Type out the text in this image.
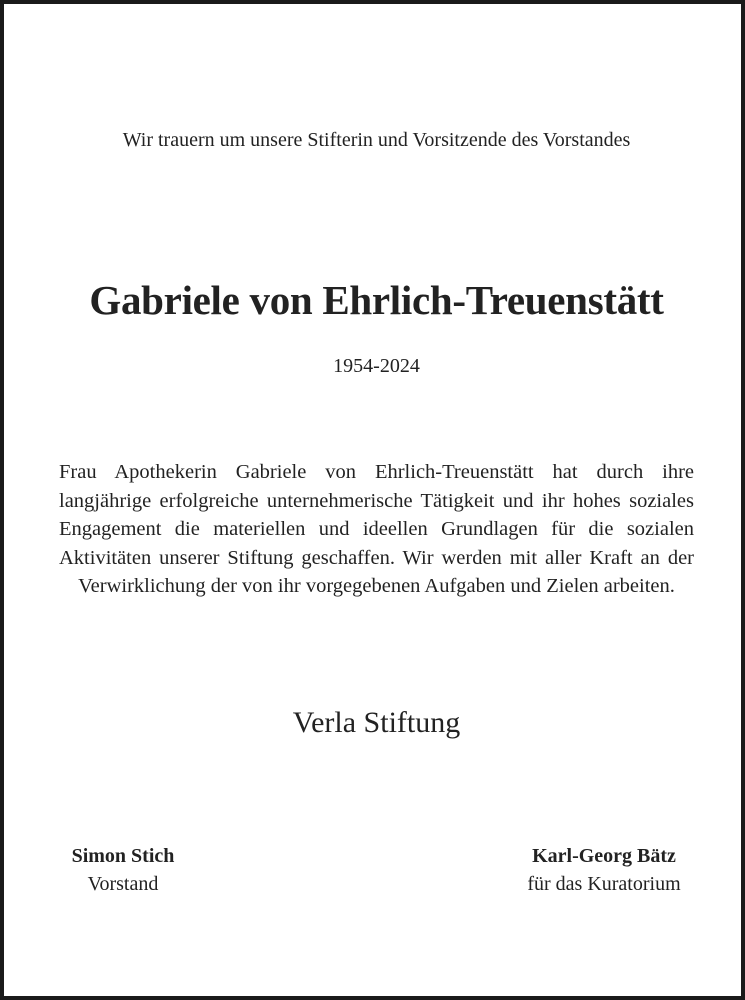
Wir trauern um unsere Stifterin und Vorsitzende des Vorstandes
Gabriele von Ehrlich-Treuenstätt
1954-2024
Frau Apothekerin Gabriele von Ehrlich-Treuenstätt hat durch ihre langjährige erfolgreiche unternehmerische Tätigkeit und ihr hohes soziales Engagement die materiellen und ideellen Grundlagen für die sozialen Aktivitäten unserer Stiftung geschaffen. Wir werden mit aller Kraft an der Verwirklichung der von ihr vorgegebenen Aufgaben und Zielen arbeiten.
Verla Stiftung
Simon Stich
Vorstand
Karl-Georg Bätz
für das Kuratorium
